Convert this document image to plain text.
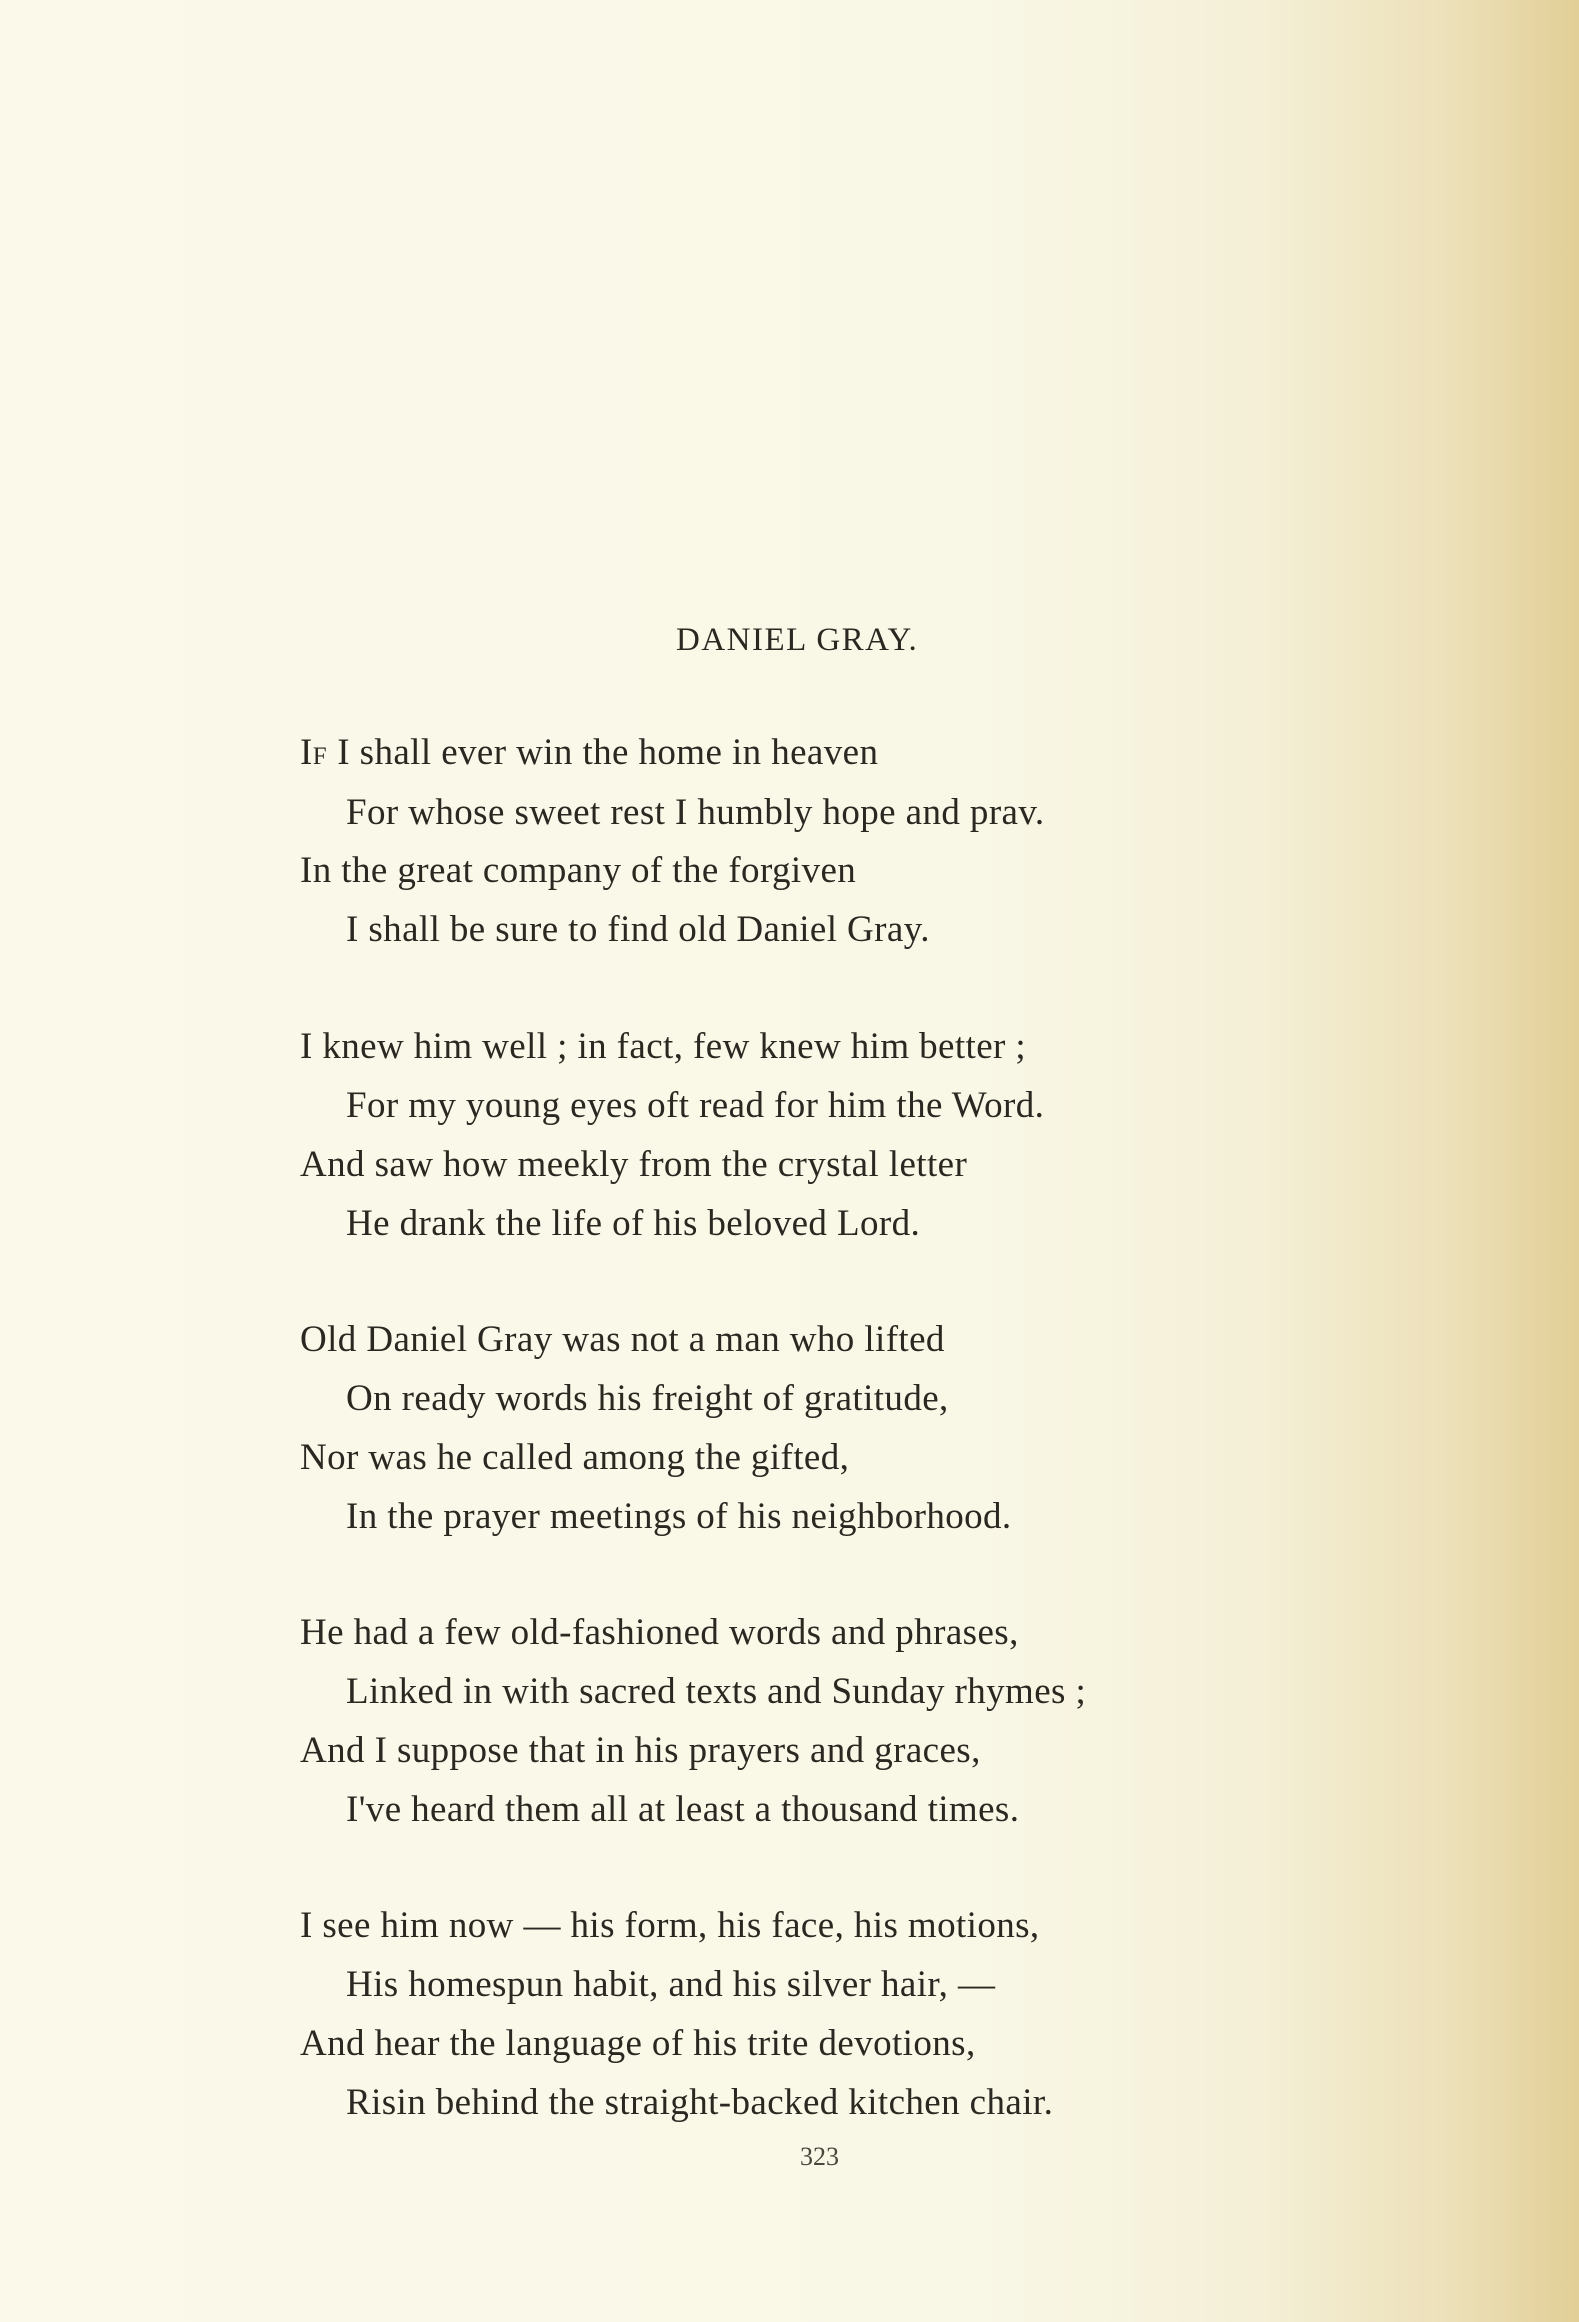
DANIEL GRAY.
IF I shall ever win the home in heaven
For whose sweet rest I humbly hope and prav.
In the great company of the forgiven
I shall be sure to find old Daniel Gray.
I knew him well ; in fact, few knew him better ;
For my young eyes oft read for him the Word.
And saw how meekly from the crystal letter
He drank the life of his beloved Lord.
Old Daniel Gray was not a man who lifted
On ready words his freight of gratitude,
Nor was he called among the gifted,
In the prayer meetings of his neighborhood.
He had a few old-fashioned words and phrases,
Linked in with sacred texts and Sunday rhymes ;
And I suppose that in his prayers and graces,
I've heard them all at least a thousand times.
I see him now — his form, his face, his motions,
His homespun habit, and his silver hair, —
And hear the language of his trite devotions,
Risin behind the straight-backed kitchen chair.
323
